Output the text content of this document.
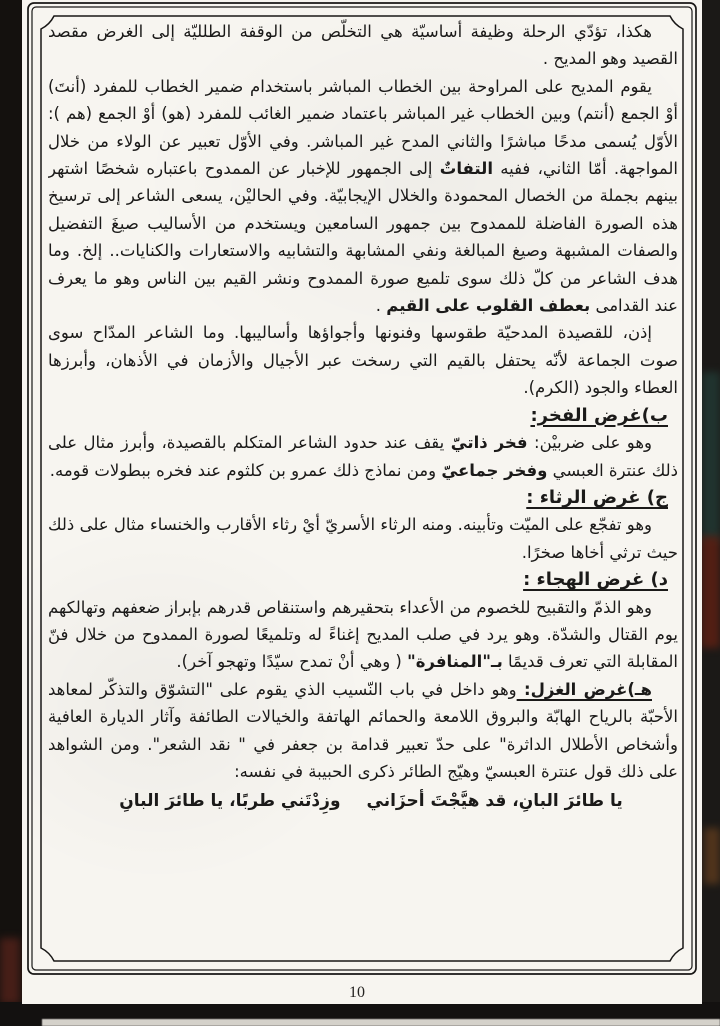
هكذا، تؤدّي الرحلة وظيفة أساسيّة هي التخلّص من الوقفة الطلليّة إلى الغرض مقصد القصيد وهو المديح .

يقوم المديح على المراوحة بين الخطاب المباشر باستخدام ضمير الخطاب للمفرد (أنتَ) أوْ الجمع (أنتم) وبين الخطاب غير المباشر باعتماد ضمير الغائب للمفرد (هو) أوْ الجمع (هم ): الأوّل يُسمى مدحًا مباشرًا والثاني المدح غير المباشر. وفي الأوّل تعبير عن الولاء من خلال المواجهة. أمّا الثاني، ففيه التفاتٌ إلى الجمهور للإخبار عن الممدوح باعتباره شخصًا اشتهر بينهم بجملة من الخصال المحمودة والخلال الإيجابيّة. وفي الحاليْن، يسعى الشاعر إلى ترسيخ هذه الصورة الفاضلة للممدوح بين جمهور السامعين ويستخدم من الأساليب صيغَ التفضيل والصفات المشبهة وصيغ المبالغة ونفي المشابهة والتشابيه والاستعارات والكنايات.. إلخ. وما هدف الشاعر من كلّ ذلك سوى تلميع صورة الممدوح ونشر القيم بين الناس وهو ما يعرف عند القدامى بعطف القلوب على القيم .

إذن، للقصيدة المدحيّة طقوسها وفنونها وأجواؤها وأساليبها. وما الشاعر المدّاح سوى صوت الجماعة لأنّه يحتفل بالقيم التي رسخت عبر الأجيال والأزمان في الأذهان، وأبرزها العطاء والجود (الكرم).

ب)غرض الفخر:

وهو على ضربيْن: فخر ذاتيّ يقف عند حدود الشاعر المتكلم بالقصيدة، وأبرز مثال على ذلك عنترة العبسي وفخر جماعيّ ومن نماذج ذلك عمرو بن كلثوم عند فخره ببطولات قومه.

ج) غرض الرثاء :

وهو تفجّع على الميّت وتأبينه. ومنه الرثاء الأسريّ أيْ رثاء الأقارب والخنساء مثال على ذلك حيث ترثي أخاها صخرًا.

د) غرض الهجاء :

وهو الذمّ والتقبيح للخصوم من الأعداء بتحقيرهم واستنقاص قدرهم بإبراز ضعفهم وتهالكهم يوم القتال والشدّة. وهو يرد في صلب المديح إغناءً له وتلميعًا لصورة الممدوح من خلال فنّ المقابلة التي تعرف قديمًا بـ"المنافرة" ( وهي أنْ تمدح سيّدًا وتهجو آخر).

هـ)غرض الغزل: وهو داخل في باب النّسيب الذي يقوم على "التشوّق والتذكّر لمعاهد الأحبّة بالرياح الهابّة والبروق اللامعة والحمائم الهاتفة والخيالات الطائفة وآثار الديارة العافية وأشخاص الأطلال الداثرة" على حدّ تعبير قدامة بن جعفر في " نقد الشعر". ومن الشواهد على ذلك قول عنترة العبسيّ وهيّج الطائر ذكرى الحبيبة في نفسه:

يا طائرَ البانِ، قد هيَّجْتَ أحزَاني
وزِدْتَني طربًا، يا طائرَ البانِ
10
